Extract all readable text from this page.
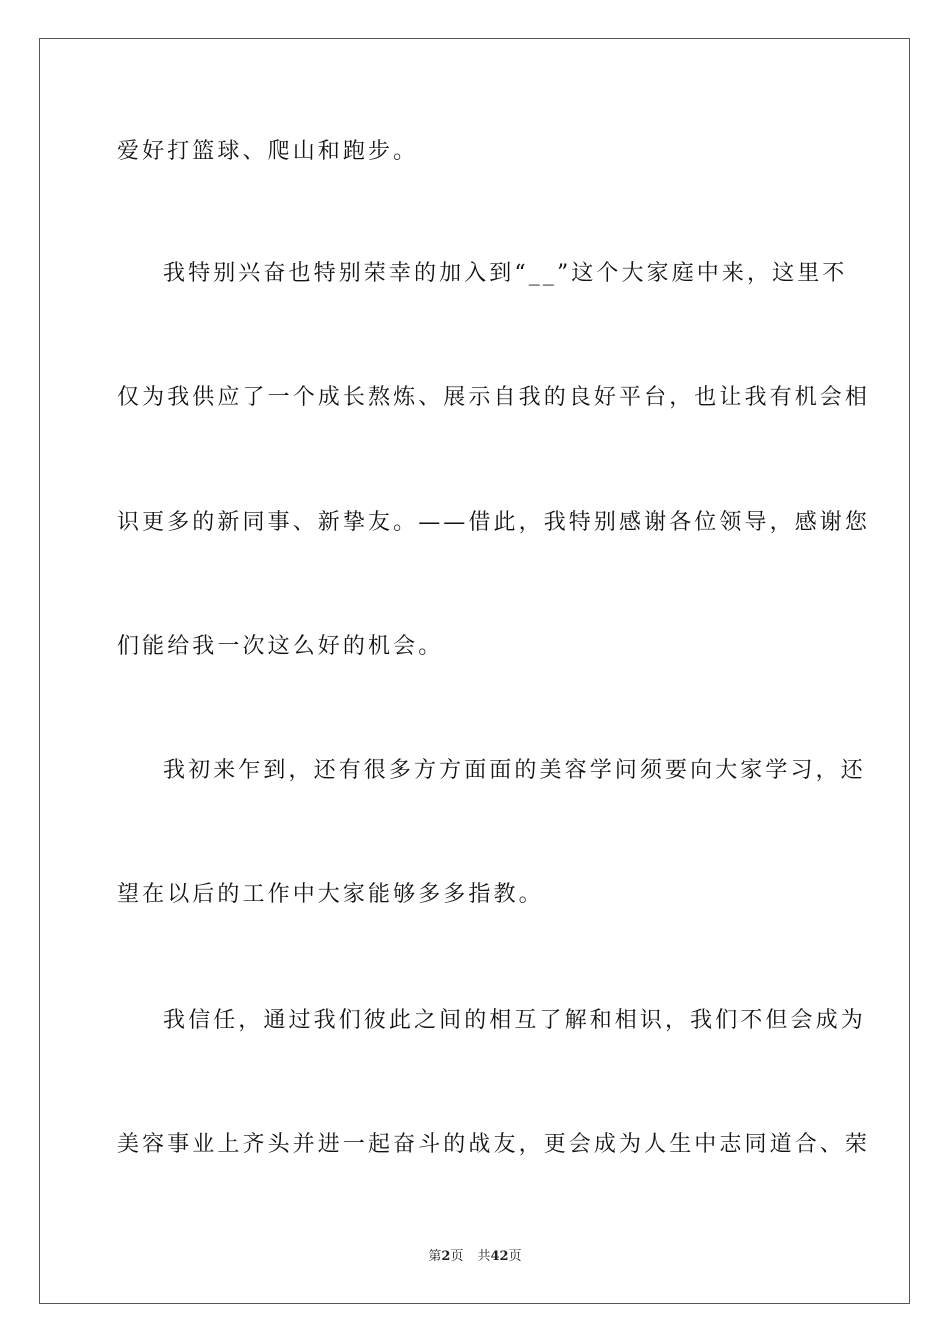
爱好打篮球、爬山和跑步。
我特别兴奋也特别荣幸的加入到“__”这个大家庭中来，这里不
仅为我供应了一个成长熬炼、展示自我的良好平台，也让我有机会相
识更多的新同事、新挚友。——借此，我特别感谢各位领导，感谢您
们能给我一次这么好的机会。
我初来乍到，还有很多方方面面的美容学问须要向大家学习，还
望在以后的工作中大家能够多多指教。
我信任，通过我们彼此之间的相互了解和相识，我们不但会成为
美容事业上齐头并进一起奋斗的战友，更会成为人生中志同道合、荣
第2页 共42页
